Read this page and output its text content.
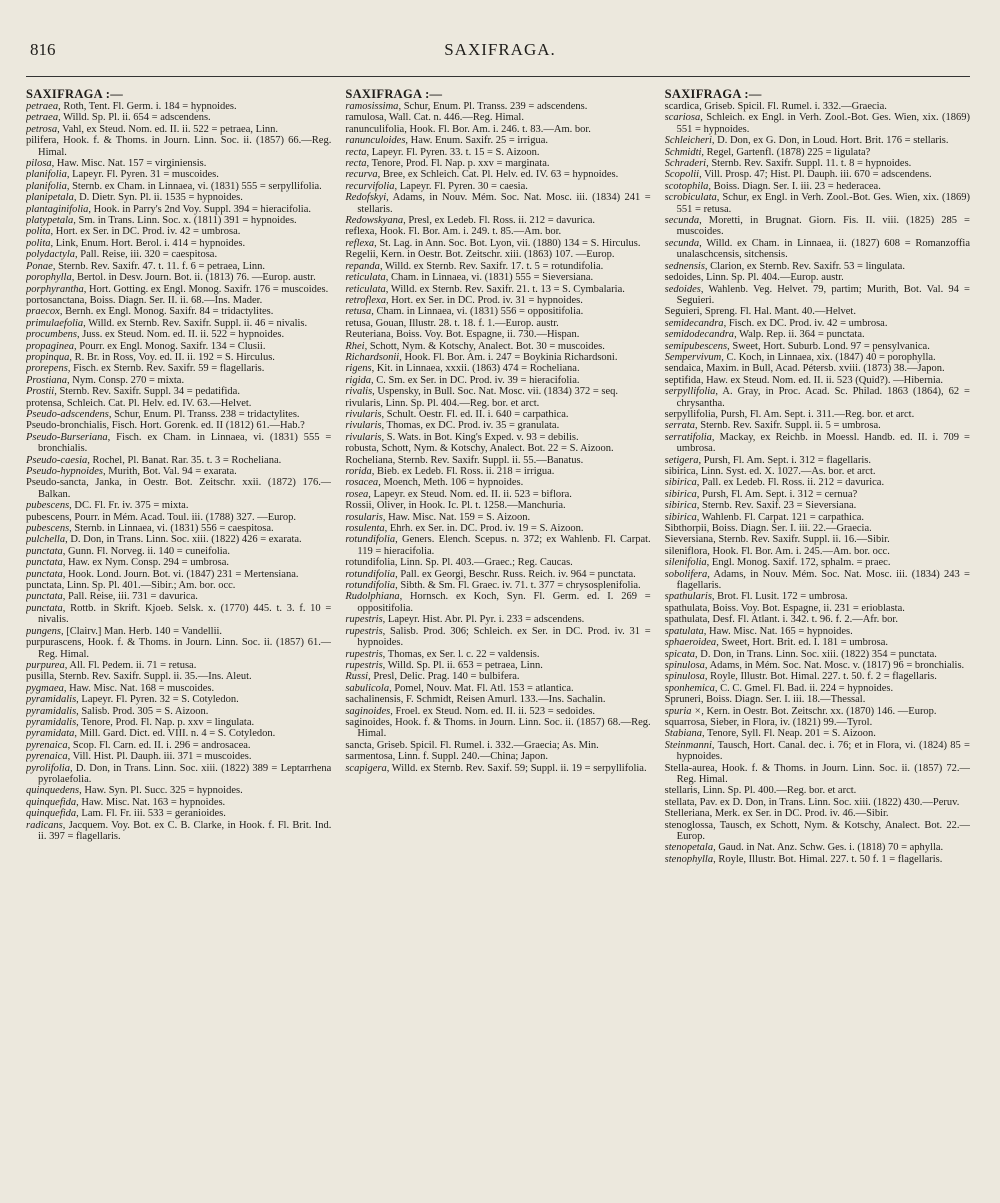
816	SAXIFRAGA.
SAXIFRAGA :—
petraea, Roth, Tent. Fl. Germ. i. 184 = hypnoides.
petraea, Willd. Sp. Pl. ii. 654 = adscendens.
petrosa, Vahl, ex Steud. Nom. ed. II. ii. 522 = petraea, Linn.
pilifera, Hook. f. & Thoms. in Journ. Linn. Soc. ii. (1857) 66.—Reg. Himal.
pilosa, Haw. Misc. Nat. 157 = virginiensis.
planifolia, Lapeyr. Fl. Pyren. 31 = muscoides.
planifolia, Sternb. ex Cham. in Linnaea, vi. (1831) 555 = serpyllifolia.
planipetala, D. Dietr. Syn. Pl. ii. 1535 = hypnoides.
plantaginifolia, Hook. in Parry's 2nd Voy. Suppl. 394 = hieracifolia.
platypetala, Sm. in Trans. Linn. Soc. x. (1811) 391 = hypnoides.
polita, Hort. ex Ser. in DC. Prod. iv. 42 = umbrosa.
polita, Link, Enum. Hort. Berol. i. 414 = hypnoides.
polydactyla, Pall. Reise, iii. 320 = caespitosa.
Ponae, Sternb. Rev. Saxifr. 47. t. 11. f. 6 = petraea, Linn.
porophylla, Bertol. in Desv. Journ. Bot. ii. (1813) 76. —Europ. austr.
porphyrantha, Hort. Gotting. ex Engl. Monog. Saxifr. 176 = muscoides.
portosanctana, Boiss. Diagn. Ser. II. ii. 68.—Ins. Mader.
praecox, Bernh. ex Engl. Monog. Saxifr. 84 = tridactylites.
primulaefolia, Willd. ex Sternb. Rev. Saxifr. Suppl. ii. 46 = nivalis.
procumbens, Juss. ex Steud. Nom. ed. II. ii. 522 = hypnoides.
propaginea, Pourr. ex Engl. Monog. Saxifr. 134 = Clusii.
propinqua, R. Br. in Ross, Voy. ed. II. ii. 192 = S. Hirculus.
prorepens, Fisch. ex Sternb. Rev. Saxifr. 59 = flagellaris.
Prostiana, Nym. Consp. 270 = mixta.
Prostii, Sternb. Rev. Saxifr. Suppl. 34 = pedatifida.
protensa, Schleich. Cat. Pl. Helv. ed. IV. 63.—Helvet.
Pseudo-adscendens, Schur, Enum. Pl. Transs. 238 = tridactylites.
Pseudo-bronchialis, Fisch. Hort. Gorenk. ed. II (1812) 61.—Hab.?
Pseudo-Burseriana, Fisch. ex Cham. in Linnaea, vi. (1831) 555 = bronchialis.
Pseudo-caesia, Rochel, Pl. Banat. Rar. 35. t. 3 = Rocheliana.
Pseudo-hypnoides, Murith, Bot. Val. 94 = exarata.
Pseudo-sancta, Janka, in Oestr. Bot. Zeitschr. xxii. (1872) 176.—Balkan.
pubescens, DC. Fl. Fr. iv. 375 = mixta.
pubescens, Pourr. in Mém. Acad. Toul. iii. (1788) 327. —Europ.
pubescens, Sternb. in Linnaea, vi. (1831) 556 = caespitosa.
pulchella, D. Don, in Trans. Linn. Soc. xiii. (1822) 426 = exarata.
punctata, Gunn. Fl. Norveg. ii. 140 = cuneifolia.
punctata, Haw. ex Nym. Consp. 294 = umbrosa.
punctata, Hook. Lond. Journ. Bot. vi. (1847) 231 = Mertensiana.
punctata, Linn. Sp. Pl. 401.—Sibir.; Am. bor. occ.
punctata, Pall. Reise, iii. 731 = davurica.
punctata, Rottb. in Skrift. Kjoeb. Selsk. x. (1770) 445. t. 3. f. 10 = nivalis.
pungens, [Clairv.] Man. Herb. 140 = Vandellii.
purpurascens, Hook. f. & Thoms. in Journ. Linn. Soc. ii. (1857) 61.—Reg. Himal.
purpurea, All. Fl. Pedem. ii. 71 = retusa.
pusilla, Sternb. Rev. Saxifr. Suppl. ii. 35.—Ins. Aleut.
pygmaea, Haw. Misc. Nat. 168 = muscoides.
pyramidalis, Lapeyr. Fl. Pyren. 32 = S. Cotyledon.
pyramidalis, Salisb. Prod. 305 = S. Aizoon.
pyramidalis, Tenore, Prod. Fl. Nap. p. xxv = lingulata.
pyramidata, Mill. Gard. Dict. ed. VIII. n. 4 = S. Cotyledon.
pyrenaica, Scop. Fl. Carn. ed. II. i. 296 = androsacea.
pyrenaica, Vill. Hist. Pl. Dauph. iii. 371 = muscoides.
pyrolifolia, D. Don, in Trans. Linn. Soc. xiii. (1822) 389 = Leptarrhena pyrolaefolia.
quinquedens, Haw. Syn. Pl. Succ. 325 = hypnoides.
quinquefida, Haw. Misc. Nat. 163 = hypnoides.
quinquefida, Lam. Fl. Fr. iii. 533 = geranioides.
radicans, Jacquem. Voy. Bot. ex C. B. Clarke, in Hook. f. Fl. Brit. Ind. ii. 397 = flagellaris.
SAXIFRAGA :—
ramosissima, Schur, Enum. Pl. Transs. 239 = adscendens.
ramulosa, Wall. Cat. n. 446.—Reg. Himal.
ranunculifolia, Hook. Fl. Bor. Am. i. 246. t. 83.—Am. bor.
ranunculoides, Haw. Enum. Saxifr. 25 = irrigua.
recta, Lapeyr. Fl. Pyren. 33. t. 15 = S. Aizoon.
recta, Tenore, Prod. Fl. Nap. p. xxv = marginata.
recurva, Bree, ex Schleich. Cat. Pl. Helv. ed. IV. 63 = hypnoides.
recurvifolia, Lapeyr. Fl. Pyren. 30 = caesia.
Redofskyi, Adams, in Nouv. Mém. Soc. Nat. Mosc. iii. (1834) 241 = stellaris.
Redowskyana, Presl, ex Ledeb. Fl. Ross. ii. 212 = davurica.
reflexa, Hook. Fl. Bor. Am. i. 249. t. 85.—Am. bor.
reflexa, St. Lag. in Ann. Soc. Bot. Lyon, vii. (1880) 134 = S. Hirculus.
Regelii, Kern. in Oestr. Bot. Zeitschr. xiii. (1863) 107. —Europ.
repanda, Willd. ex Sternb. Rev. Saxifr. 17. t. 5 = rotundifolia.
reticulata, Cham. in Linnaea, vi. (1831) 555 = Sieversiana.
reticulata, Willd. ex Sternb. Rev. Saxifr. 21. t. 13 = S. Cymbalaria.
retroflexa, Hort. ex Ser. in DC. Prod. iv. 31 = hypnoides.
retusa, Cham. in Linnaea, vi. (1831) 556 = oppositifolia.
retusa, Gouan, Illustr. 28. t. 18. f. 1.—Europ. austr.
Reuteriana, Boiss. Voy. Bot. Espagne, ii. 730.—Hispan.
Rhei, Schott, Nym. & Kotschy, Analect. Bot. 30 = muscoides.
Richardsonii, Hook. Fl. Bor. Am. i. 247 = Boykinia Richardsoni.
rigens, Kit. in Linnaea, xxxii. (1863) 474 = Rocheliana.
rigida, C. Sm. ex Ser. in DC. Prod. iv. 39 = hieracifolia.
rivalis, Uspensky, in Bull. Soc. Nat. Mosc. vii. (1834) 372 = seq.
rivularis, Linn. Sp. Pl. 404.—Reg. bor. et arct.
rivularis, Schult. Oestr. Fl. ed. II. i. 640 = carpathica.
rivularis, Thomas, ex DC. Prod. iv. 35 = granulata.
rivularis, S. Wats. in Bot. King's Exped. v. 93 = debilis.
robusta, Schott, Nym. & Kotschy, Analect. Bot. 22 = S. Aizoon.
Rocheliana, Sternb. Rev. Saxifr. Suppl. ii. 55.—Banatus.
rorida, Bieb. ex Ledeb. Fl. Ross. ii. 218 = irrigua.
rosacea, Moench, Meth. 106 = hypnoides.
rosea, Lapeyr. ex Steud. Nom. ed. II. ii. 523 = biflora.
Rossii, Oliver, in Hook. Ic. Pl. t. 1258.—Manchuria.
rosularis, Haw. Misc. Nat. 159 = S. Aizoon.
rosulenta, Ehrh. ex Ser. in. DC. Prod. iv. 19 = S. Aizoon.
rotundifolia, Geners. Elench. Scepus. n. 372; ex Wahlenb. Fl. Carpat. 119 = hieracifolia.
rotundifolia, Linn. Sp. Pl. 403.—Graec.; Reg. Caucas.
rotundifolia, Pall. ex Georgi, Beschr. Russ. Reich. iv. 964 = punctata.
rotundifolia, Sibth. & Sm. Fl. Graec. iv. 71. t. 377 = chrysosplenifolia.
Rudolphiana, Hornsch. ex Koch, Syn. Fl. Germ. ed. I. 269 = oppositifolia.
rupestris, Lapeyr. Hist. Abr. Pl. Pyr. i. 233 = adscendens.
rupestris, Salisb. Prod. 306; Schleich. ex Ser. in DC. Prod. iv. 31 = hypnoides.
rupestris, Thomas, ex Ser. l. c. 22 = valdensis.
rupestris, Willd. Sp. Pl. ii. 653 = petraea, Linn.
Russi, Presl, Delic. Prag. 140 = bulbifera.
sabulicola, Pomel, Nouv. Mat. Fl. Atl. 153 = atlantica.
sachalinensis, F. Schmidt, Reisen Amurl. 133.—Ins. Sachalin.
saginoides, Froel. ex Steud. Nom. ed. II. ii. 523 = sedoides.
saginoides, Hook. f. & Thoms. in Journ. Linn. Soc. ii. (1857) 68.—Reg. Himal.
sancta, Griseb. Spicil. Fl. Rumel. i. 332.—Graecia; As. Min.
sarmentosa, Linn. f. Suppl. 240.—China; Japon.
scapigera, Willd. ex Sternb. Rev. Saxif. 59; Suppl. ii. 19 = serpyllifolia.
SAXIFRAGA :—
scardica, Griseb. Spicil. Fl. Rumel. i. 332.—Graecia.
scariosa, Schleich. ex Engl. in Verh. Zool.-Bot. Ges. Wien, xix. (1869) 551 = hypnoides.
Schleicheri, D. Don, ex G. Don, in Loud. Hort. Brit. 176 = stellaris.
Schmidti, Regel, Gartenfl. (1878) 225 = ligulata?
Schraderi, Sternb. Rev. Saxifr. Suppl. 11. t. 8 = hypnoides.
Scopolii, Vill. Prosp. 47; Hist. Pl. Dauph. iii. 670 = adscendens.
scotophila, Boiss. Diagn. Ser. I. iii. 23 = hederacea.
scrobiculata, Schur, ex Engl. in Verh. Zool.-Bot. Ges. Wien, xix. (1869) 551 = retusa.
secunda, Moretti, in Brugnat. Giorn. Fis. II. viii. (1825) 285 = muscoides.
secunda, Willd. ex Cham. in Linnaea, ii. (1827) 608 = Romanzoffia unalaschcensis, sitchensis.
sednensis, Clarion, ex Sternb. Rev. Saxifr. 53 = lingulata.
sedoides, Linn. Sp. Pl. 404.—Europ. austr.
sedoides, Wahlenb. Veg. Helvet. 79, partim; Murith, Bot. Val. 94 = Seguieri.
Seguieri, Spreng. Fl. Hal. Mant. 40.—Helvet.
semidecandra, Fisch. ex DC. Prod. iv. 42 = umbrosa.
semidodecandra, Walp. Rep. ii. 364 = punctata.
semipubescens, Sweet, Hort. Suburb. Lond. 97 = pensylvanica.
Sempervivum, C. Koch, in Linnaea, xix. (1847) 40 = porophylla.
sendaica, Maxim. in Bull, Acad. Pétersb. xviii. (1873) 38.—Japon.
septifida, Haw. ex Steud. Nom. ed. II. ii. 523 (Quid?). —Hibernia.
serpyllifolia, A. Gray, in Proc. Acad. Sc. Philad. 1863 (1864), 62 = chrysantha.
serpyllifolia, Pursh, Fl. Am. Sept. i. 311.—Reg. bor. et arct.
serrata, Sternb. Rev. Saxifr. Suppl. ii. 5 = umbrosa.
serratifolia, Mackay, ex Reichb. in Moessl. Handb. ed. II. i. 709 = umbrosa.
setigera, Pursh, Fl. Am. Sept. i. 312 = flagellaris.
sibirica, Linn. Syst. ed. X. 1027.—As. bor. et arct.
sibirica, Pall. ex Ledeb. Fl. Ross. ii. 212 = davurica.
sibirica, Pursh, Fl. Am. Sept. i. 312 = cernua?
sibirica, Sternb. Rev. Saxif. 23 = Sieversiana.
sibirica, Wahlenb. Fl. Carpat. 121 = carpathica.
Sibthorpii, Boiss. Diagn. Ser. I. iii. 22.—Graecia.
Sieversiana, Sternb. Rev. Saxifr. Suppl. ii. 16.—Sibir.
sileniflora, Hook. Fl. Bor. Am. i. 245.—Am. bor. occ.
silenifolia, Engl. Monog. Saxif. 172, sphalm. = praec.
sobolifera, Adams, in Nouv. Mém. Soc. Nat. Mosc. iii. (1834) 243 = flagellaris.
spathularis, Brot. Fl. Lusit. 172 = umbrosa.
spathulata, Boiss. Voy. Bot. Espagne, ii. 231 = erioblasta.
spathulata, Desf. Fl. Atlant. i. 342. t. 96. f. 2.—Afr. bor.
spatulata, Haw. Misc. Nat. 165 = hypnoides.
sphaeroidea, Sweet, Hort. Brit. ed. I. 181 = umbrosa.
spicata, D. Don, in Trans. Linn. Soc. xiii. (1822) 354 = punctata.
spinulosa, Adams, in Mém. Soc. Nat. Mosc. v. (1817) 96 = bronchialis.
spinulosa, Royle, Illustr. Bot. Himal. 227. t. 50. f. 2 = flagellaris.
sponhemica, C. C. Gmel. Fl. Bad. ii. 224 = hypnoides.
Spruneri, Boiss. Diagn. Ser. I. iii. 18.—Thessal.
spuria ×, Kern. in Oestr. Bot. Zeitschr. xx. (1870) 146. —Europ.
squarrosa, Sieber, in Flora, iv. (1821) 99.—Tyrol.
Stabiana, Tenore, Syll. Fl. Neap. 201 = S. Aizoon.
Steinmanni, Tausch, Hort. Canal. dec. i. 76; et in Flora, vi. (1824) 85 = hypnoides.
Stella-aurea, Hook. f. & Thoms. in Journ. Linn. Soc. ii. (1857) 72.—Reg. Himal.
stellaris, Linn. Sp. Pl. 400.—Reg. bor. et arct.
stellata, Pav. ex D. Don, in Trans. Linn. Soc. xiii. (1822) 430.—Peruv.
Stelleriana, Merk. ex Ser. in DC. Prod. iv. 46.—Sibir.
stenoglossa, Tausch, ex Schott, Nym. & Kotschy, Analect. Bot. 22.—Europ.
stenopetala, Gaud. in Nat. Anz. Schw. Ges. i. (1818) 70 = aphylla.
stenophylla, Royle, Illustr. Bot. Himal. 227. t. 50 f. 1 = flagellaris.
